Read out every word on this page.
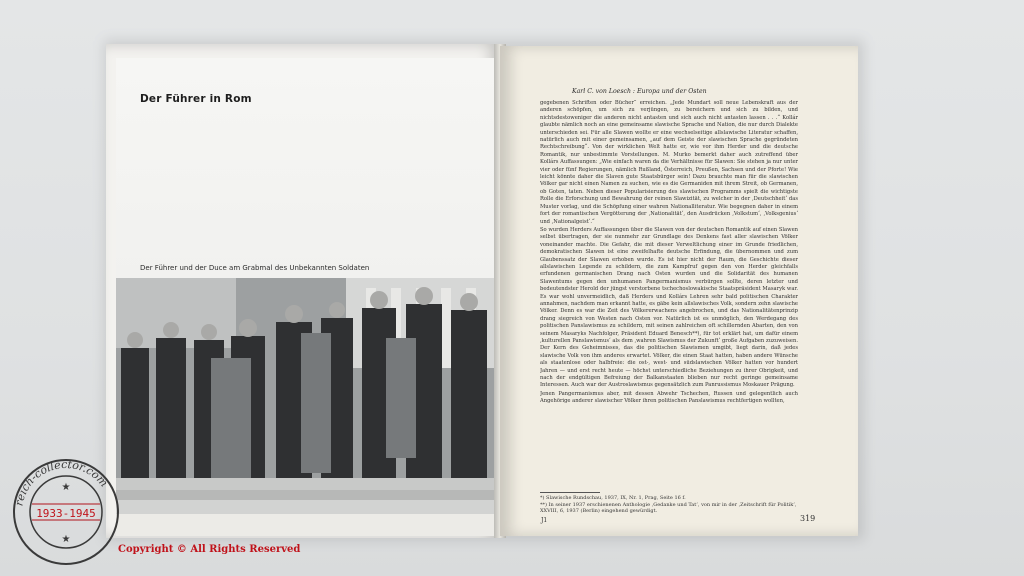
Der Führer in Rom
Der Führer und der Duce am Grabmal des Unbekannten Soldaten
Karl C. von Loesch : Europa und der Osten

gegebenen Schriften oder Bücher“ erreichen. „Jede Mundart soll neue Lebenskraft aus der anderen schöpfen, um sich zu verjüngen, zu bereichern und sich zu bilden, und nichtsdestoweniger die anderen nicht antasten und sich auch nicht antasten lassen . . .“ Kollár glaubte nämlich noch an eine gemeinsame slawische Sprache und Nation, die nur durch Dialekte unterschieden sei. Für alle Slawen wollte er eine wechselseitige allslawische Literatur schaffen, natürlich auch mit einer gemeinsamen, „auf dem Geiste der slawischen Sprache gegründeten Rechtschreibung“. Von der wirklichen Welt hatte er, wie vor ihm Herder und die deutsche Romantik, nur unbestimmte Vorstellungen. M. Murko bemerkt daher auch zutreffend über Kollárs Auffassungen: „Wie einfach waren da die Verhältnisse für Slawen: Sie stehen ja nur unter vier oder fünf Regierungen, nämlich Rußland, Österreich, Preußen, Sachsen und der Pforte! Wie leicht könnte daher die Slaven gute Staatsbürger sein! Dazu brauchte man für die slawischen Völker gar nicht einen Namen zu suchen, wie es die Germaniden mit ihrem Streit, ob Germanen, ob Goten, taten. Neben dieser Popularisierung des slawischen Programms spielt die wichtigste Rolle die Erforschung und Bewahrung der reinen Slawizität, zu welcher in der ‚Deutschheit‘ das Muster vorlag, und die Schöpfung einer wahren Nationalliteratur. Wie begegnen daher in einem fort der romantischen Vergötterung der ‚Nationalität‘, den Ausdrücken ‚Volkstum‘, ‚Volksgenius‘ und ‚Nationalgeist‘.“

So wurden Herders Auffassungen über die Slawen von der deutschen Romantik auf einen Slawen selbst übertragen, der sie nunmehr zur Grundlage des Denkens fast aller slawischen Völker voneinander machte. Die Gefahr, die mit dieser Verweltlichung einer im Grunde friedlichen, demokratischen Slawen ist eine zweifelhafte deutsche Erfindung, die übernommen und zum Glaubenssatz der Slawen erhoben wurde. Es ist hier nicht der Raum, die Geschichte dieser allslawischen Legende zu schildern, die zum Kampfruf gegen den von Herder gleichfalls erfundenen germanischen Drang nach Osten wurden und die Solidarität des humanen Slawentums gegen den unhumanen Pangermanismus verbürgen sollte, deren letzter und bedeutendster Herold der jüngst verstorbene tschechoslowakische Staatspräsident Masaryk war. Es war wohl unvermeidlich, daß Herders und Kollárs Lehren sehr bald politischen Charakter annahmen, nachdem man erkannt hatte, es gäbe kein allslawisches Volk, sondern zehn slawische Völker. Denn es war die Zeit des Völkererwachens angebrochen, und das Nationalitätenprinzip drang siegreich von Westen nach Osten vor. Natürlich ist es unmöglich, den Werdegang des politischen Panslawismus zu schildern, mit seinen zahlreichen oft schillernden Abarten, den von seinem Masaryks Nachfolger, Präsident Eduard Benesch**), für tot erklärt hat, um dafür einem ‚kulturellen Panslawismus‘ als dem ‚wahren Slawismus der Zukunft‘ große Aufgaben zuzuweisen. Der Kern des Geheimnisses, das die politischen Slawismen umgibt, liegt darin, daß jedes slawische Volk von ihm anderes erwartet. Völker, die einen Staat hatten, haben andere Wünsche als staatenlose oder halbfreie: die ost-, west- und südslawischen Völker hatten vor hundert Jahren — und erst recht heute — höchst unterschiedliche Beziehungen zu ihrer Obrigkeit, und nach der endgültigen Befreiung der Balkanstaaten blieben nur recht geringe gemeinsame Interessen. Auch war der Austroslawismus gegensätzlich zum Panrussismus Moskauer Prägung.

Jenen Pangermanismus aber, mit dessen Abwehr Tschechen, Russen und gelegentlich auch Angehörige anderer slawischer Völker ihren politischen Panslawismus rechtfertigen wollten,

*) Slawische Rundschau, 1937, IX, Nr. 1, Prag, Seite 16 f.
**) In seiner 1937 erschienenen Anthologie ‚Gedanke und Tat‘, von mir in der ‚Zeitschrift für Politik‘, XXVIII, 6, 1937 (Berlin) eingehend gewürdigt.
J1	319
reich-collector.com
1933-1945
★
★
Copyright © All Rights Reserved
